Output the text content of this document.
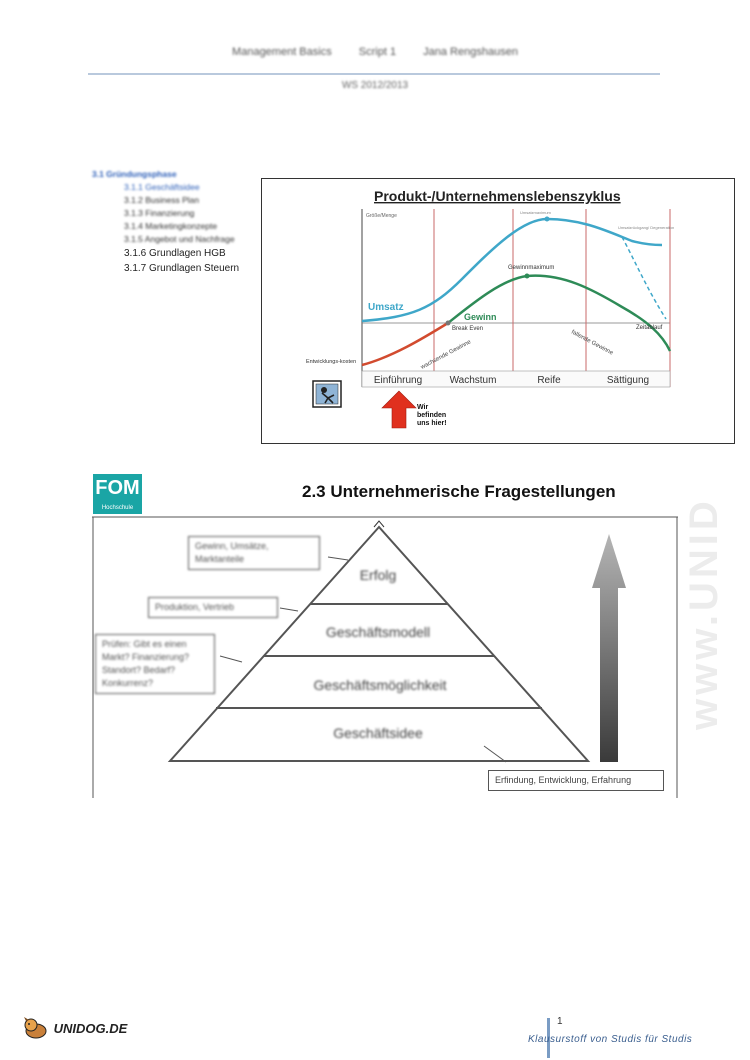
Management Basics Script 1 Jana Rengshausen
WS 2012/2013
3.1 Gründungsphase
3.1.1 Geschäftsidee
3.1.2 Business Plan
3.1.3 Finanzierung
3.1.4 Marketingkonzepte
3.1.5 Angebot und Nachfrage
3.1.6 Grundlagen HGB
3.1.7 Grundlagen Steuern
Produkt-/Unternehmenslebenszyklus
Größe/Menge
Umsatz
Gewinn
Gewinnmaximum
Umsatzmaximum
Break Even	Zeitablauf
wachsende Gewinne	fallende Gewinne
Umsatzrückgang/ Degeneration
Entwicklungs-kosten
Einführung	Wachstum	Reife	Sättigung
Wir befinden uns hier!
www.UNID
FOM
Hochschule
2.3 Unternehmerische Fragestellungen
Erfolg
Geschäftsmodell
Geschäftsmöglichkeit
Geschäftsidee
Gewinn, Umsätze, Marktanteile
Produktion, Vertrieb
Prüfen: Gibt es einen Markt? Finanzierung? Standort? Bedarf? Konkurrenz?
Erfindung, Entwicklung, Erfahrung
UNIDOG.DE	1
Klausurstoff von Studis für Studis
